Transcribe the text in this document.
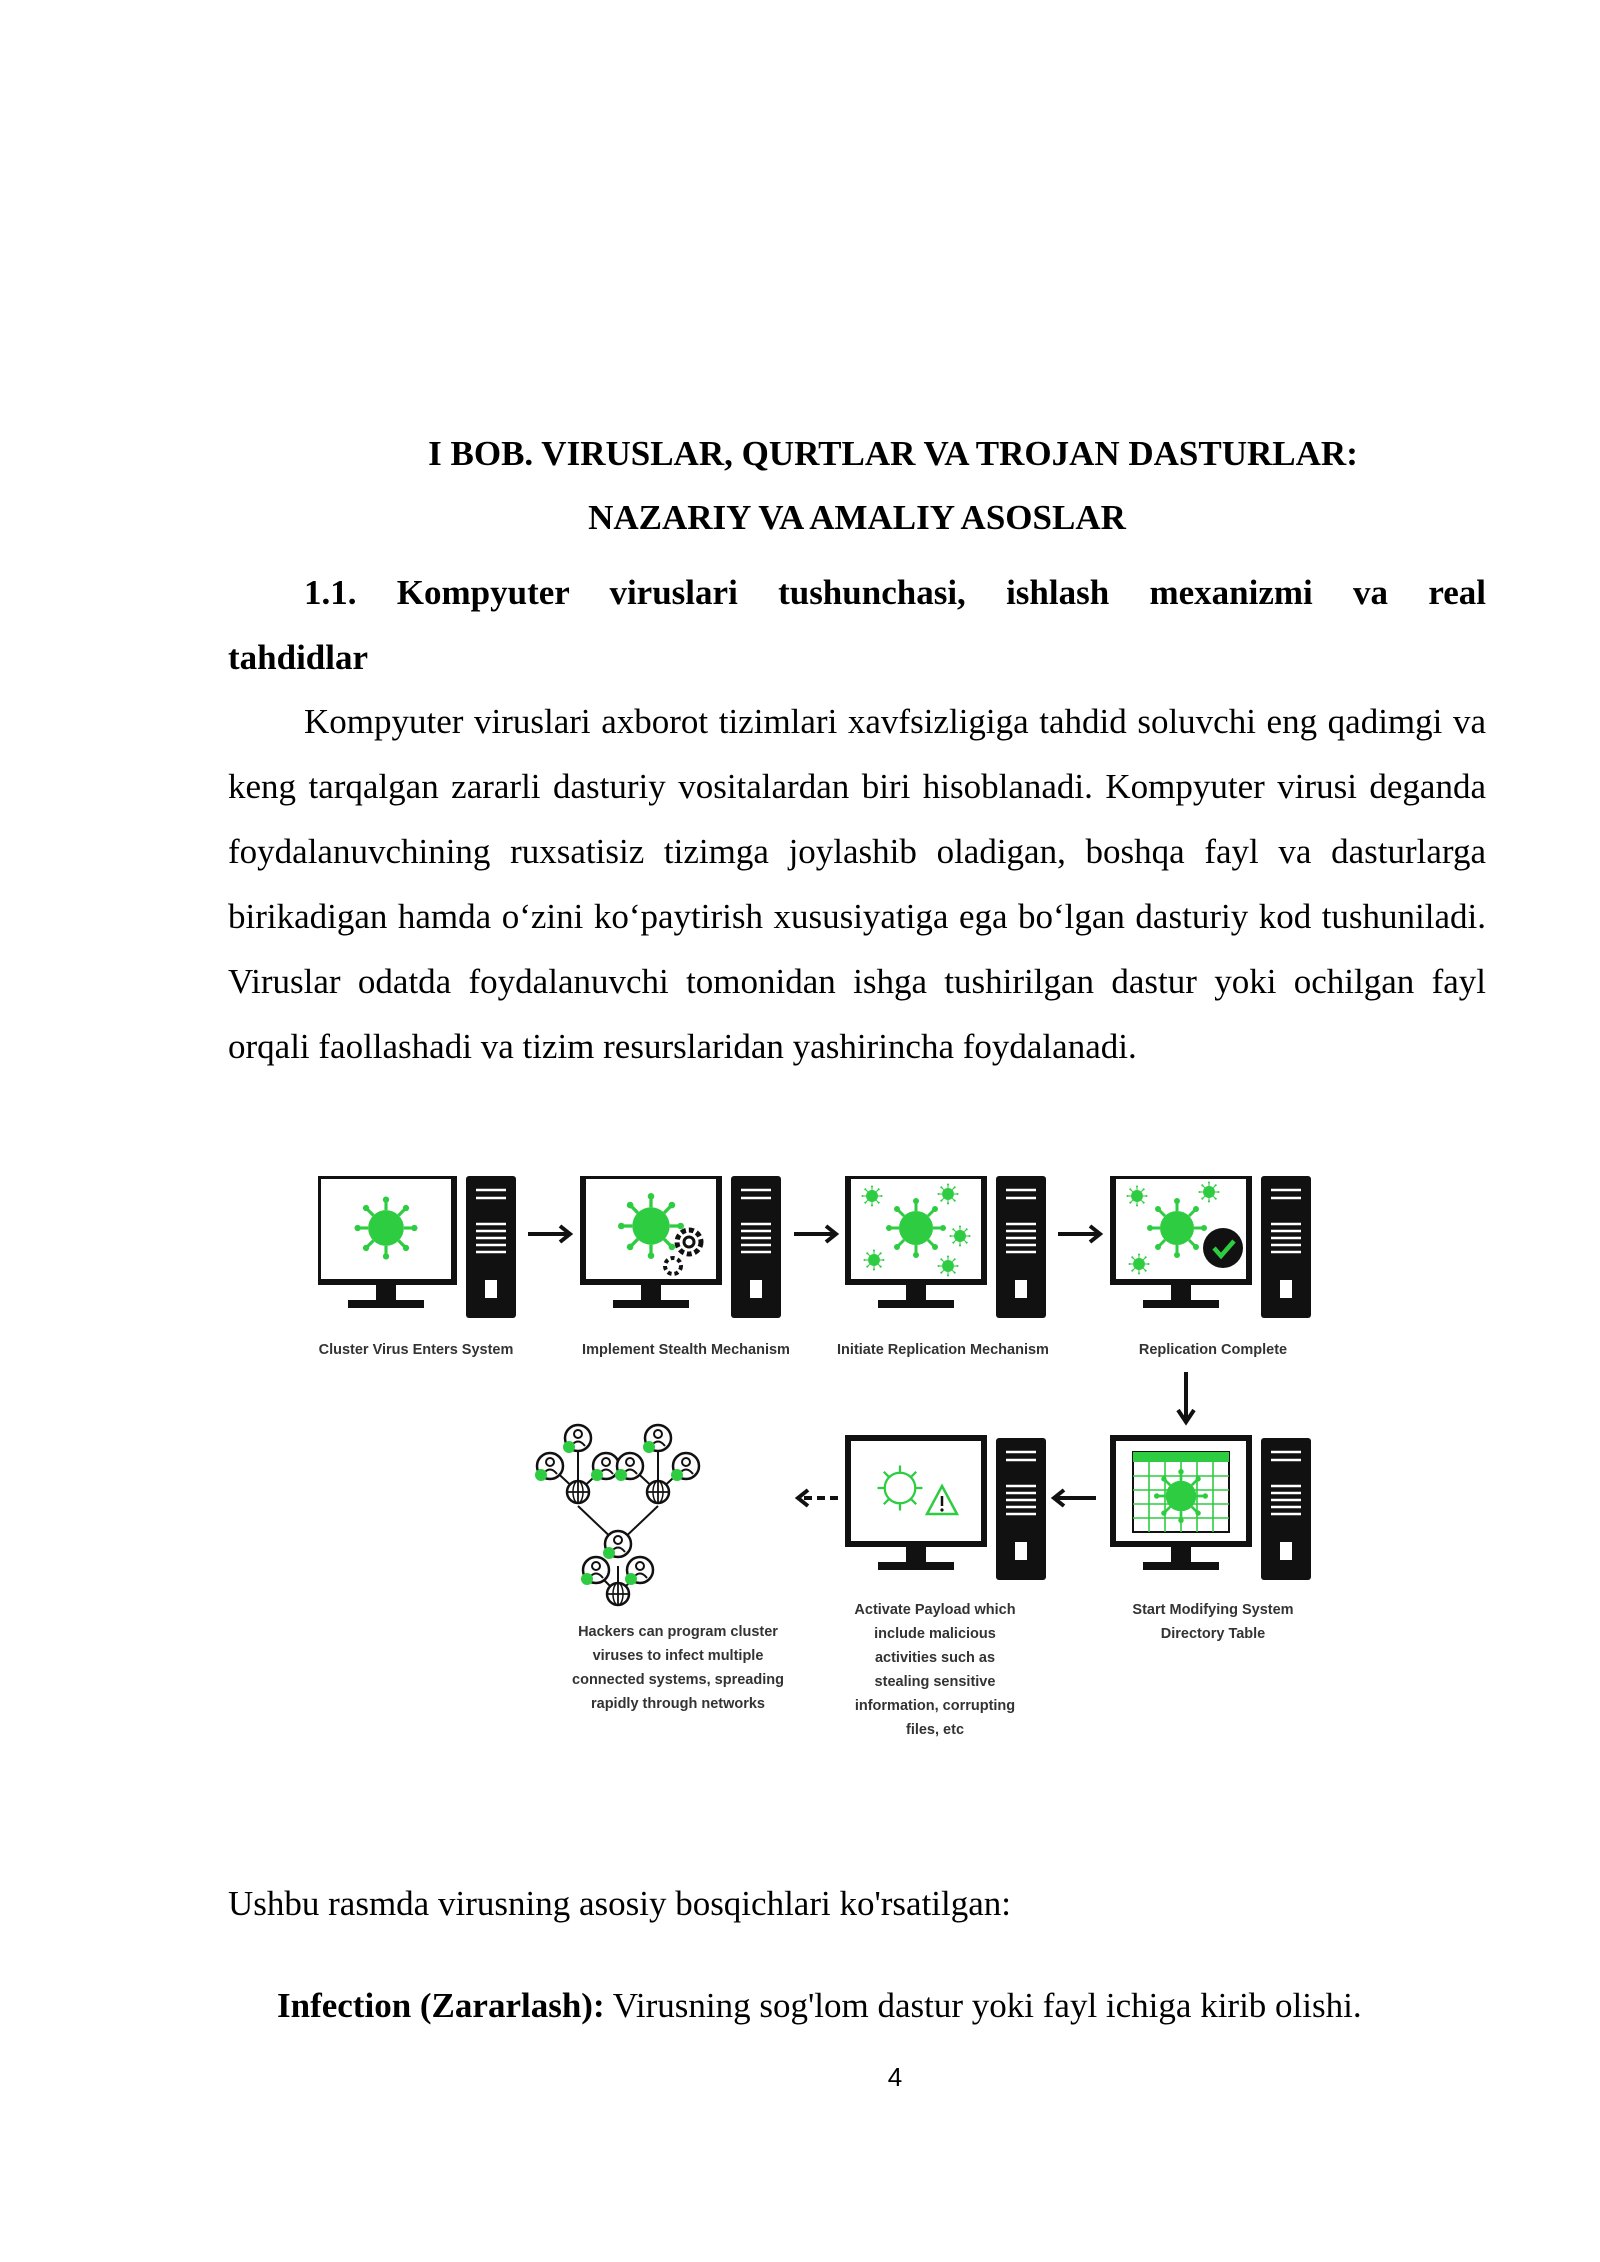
I BOB. VIRUSLAR, QURTLAR VA TROJAN DASTURLAR:
NAZARIY VA AMALIY ASOSLAR
1.1. Kompyuter viruslari tushunchasi, ishlash mexanizmi va real
tahdidlar
Kompyuter viruslari axborot tizimlari xavfsizligiga tahdid soluvchi eng qadimgi va keng tarqalgan zararli dasturiy vositalardan biri hisoblanadi. Kompyuter virusi deganda foydalanuvchining ruxsatisiz tizimga joylashib oladigan, boshqa fayl va dasturlarga birikadigan hamda o‘zini ko‘paytirish xususiyatiga ega bo‘lgan dasturiy kod tushuniladi. Viruslar odatda foydalanuvchi tomonidan ishga tushirilgan dastur yoki ochilgan fayl orqali faollashadi va tizim resurslaridan yashirincha foydalanadi.
Cluster Virus Enters System	Implement Stealth Mechanism	Initiate Replication Mechanism	Replication Complete
Start Modifying System
Directory Table
Activate Payload which
include malicious
activities such as
stealing sensitive
information, corrupting
files, etc
Hackers can program cluster
viruses to infect multiple
connected systems, spreading
rapidly through networks
Ushbu rasmda virusning asosiy bosqichlari ko'rsatilgan:
Infection (Zararlash): Virusning sog'lom dastur yoki fayl ichiga kirib olishi.
4
